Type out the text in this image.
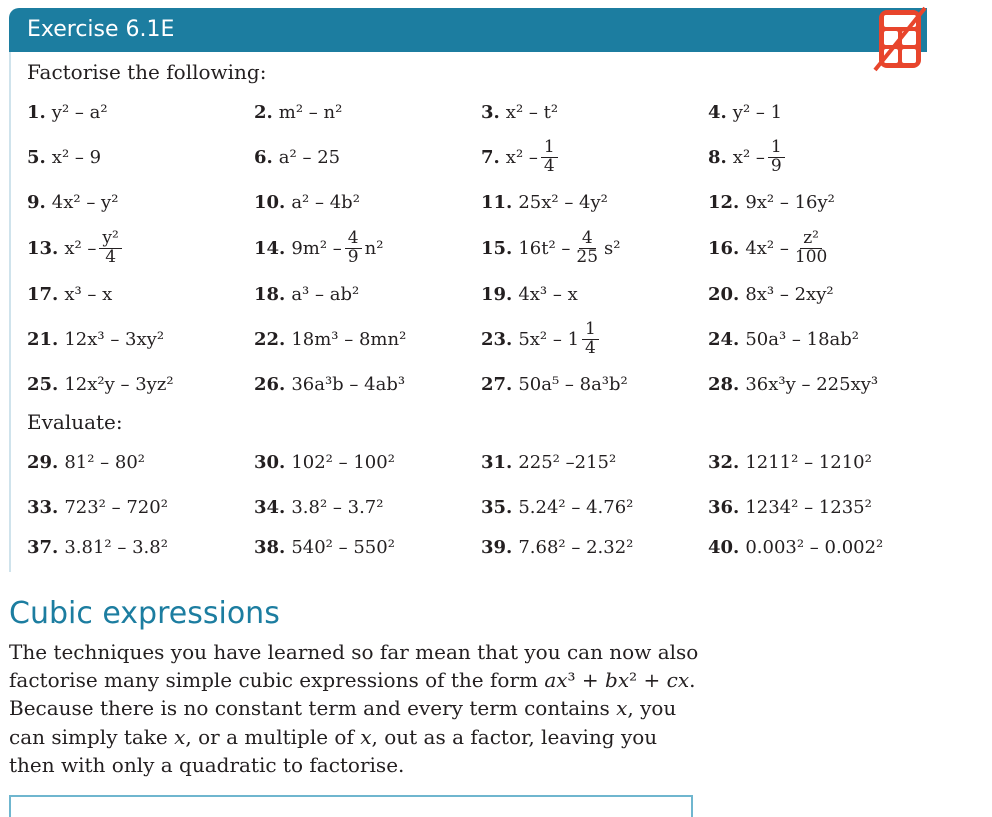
Exercise 6.1E
Factorise the following:
Evaluate:
1. y² – a²	2. m² – n²	3. x² – t²	4. y² – 1
5. x² – 9	6. a² – 25	7. $x^2 - \frac{1}{4}$	8. $x^2 - \frac{1}{9}$
9. 4x² – y²	10. a² – 4b²	11. 25x² – 4y²	12. 9x² – 16y²
13. $x^2 - \frac{\text{y²}}{4}$	14. $9m^2 - \frac{4}{9} n^2$	15. $16t^2 - \frac{4}{25} s^2$	16. $4x^2 - \frac{\text{z²}}{100}$
17. x³ – x	18. a³ – ab²	19. 4x³ – x	20. 8x³ – 2xy²
21. 12x³ – 3xy²	22. 18m³ – 8mn²	23. $5x^2 - 1 \frac{1}{4}$	24. 50a³ – 18ab²
25. 12x²y – 3yz²	26. 36a³b – 4ab³	27. 50a⁵ – 8a³b²	28. 36x³y – 225xy³
29. 81² – 80²	30. 102² – 100²	31. 225² –215²	32. 1211² – 1210²
33. 723² – 720²	34. 3.8² – 3.7²	35. 5.24² – 4.76²	36. 1234² – 1235²
37. 3.81² – 3.8²	38. 540² – 550²	39. 7.68² – 2.32²	40. 0.003² – 0.002²
Cubic expressions
The techniques you have learned so far mean that you can now also factorise many simple cubic expressions of the form ax³ + bx² + cx. Because there is no constant term and every term contains x, you can simply take x, or a multiple of x, out as a factor, leaving you then with only a quadratic to factorise.
